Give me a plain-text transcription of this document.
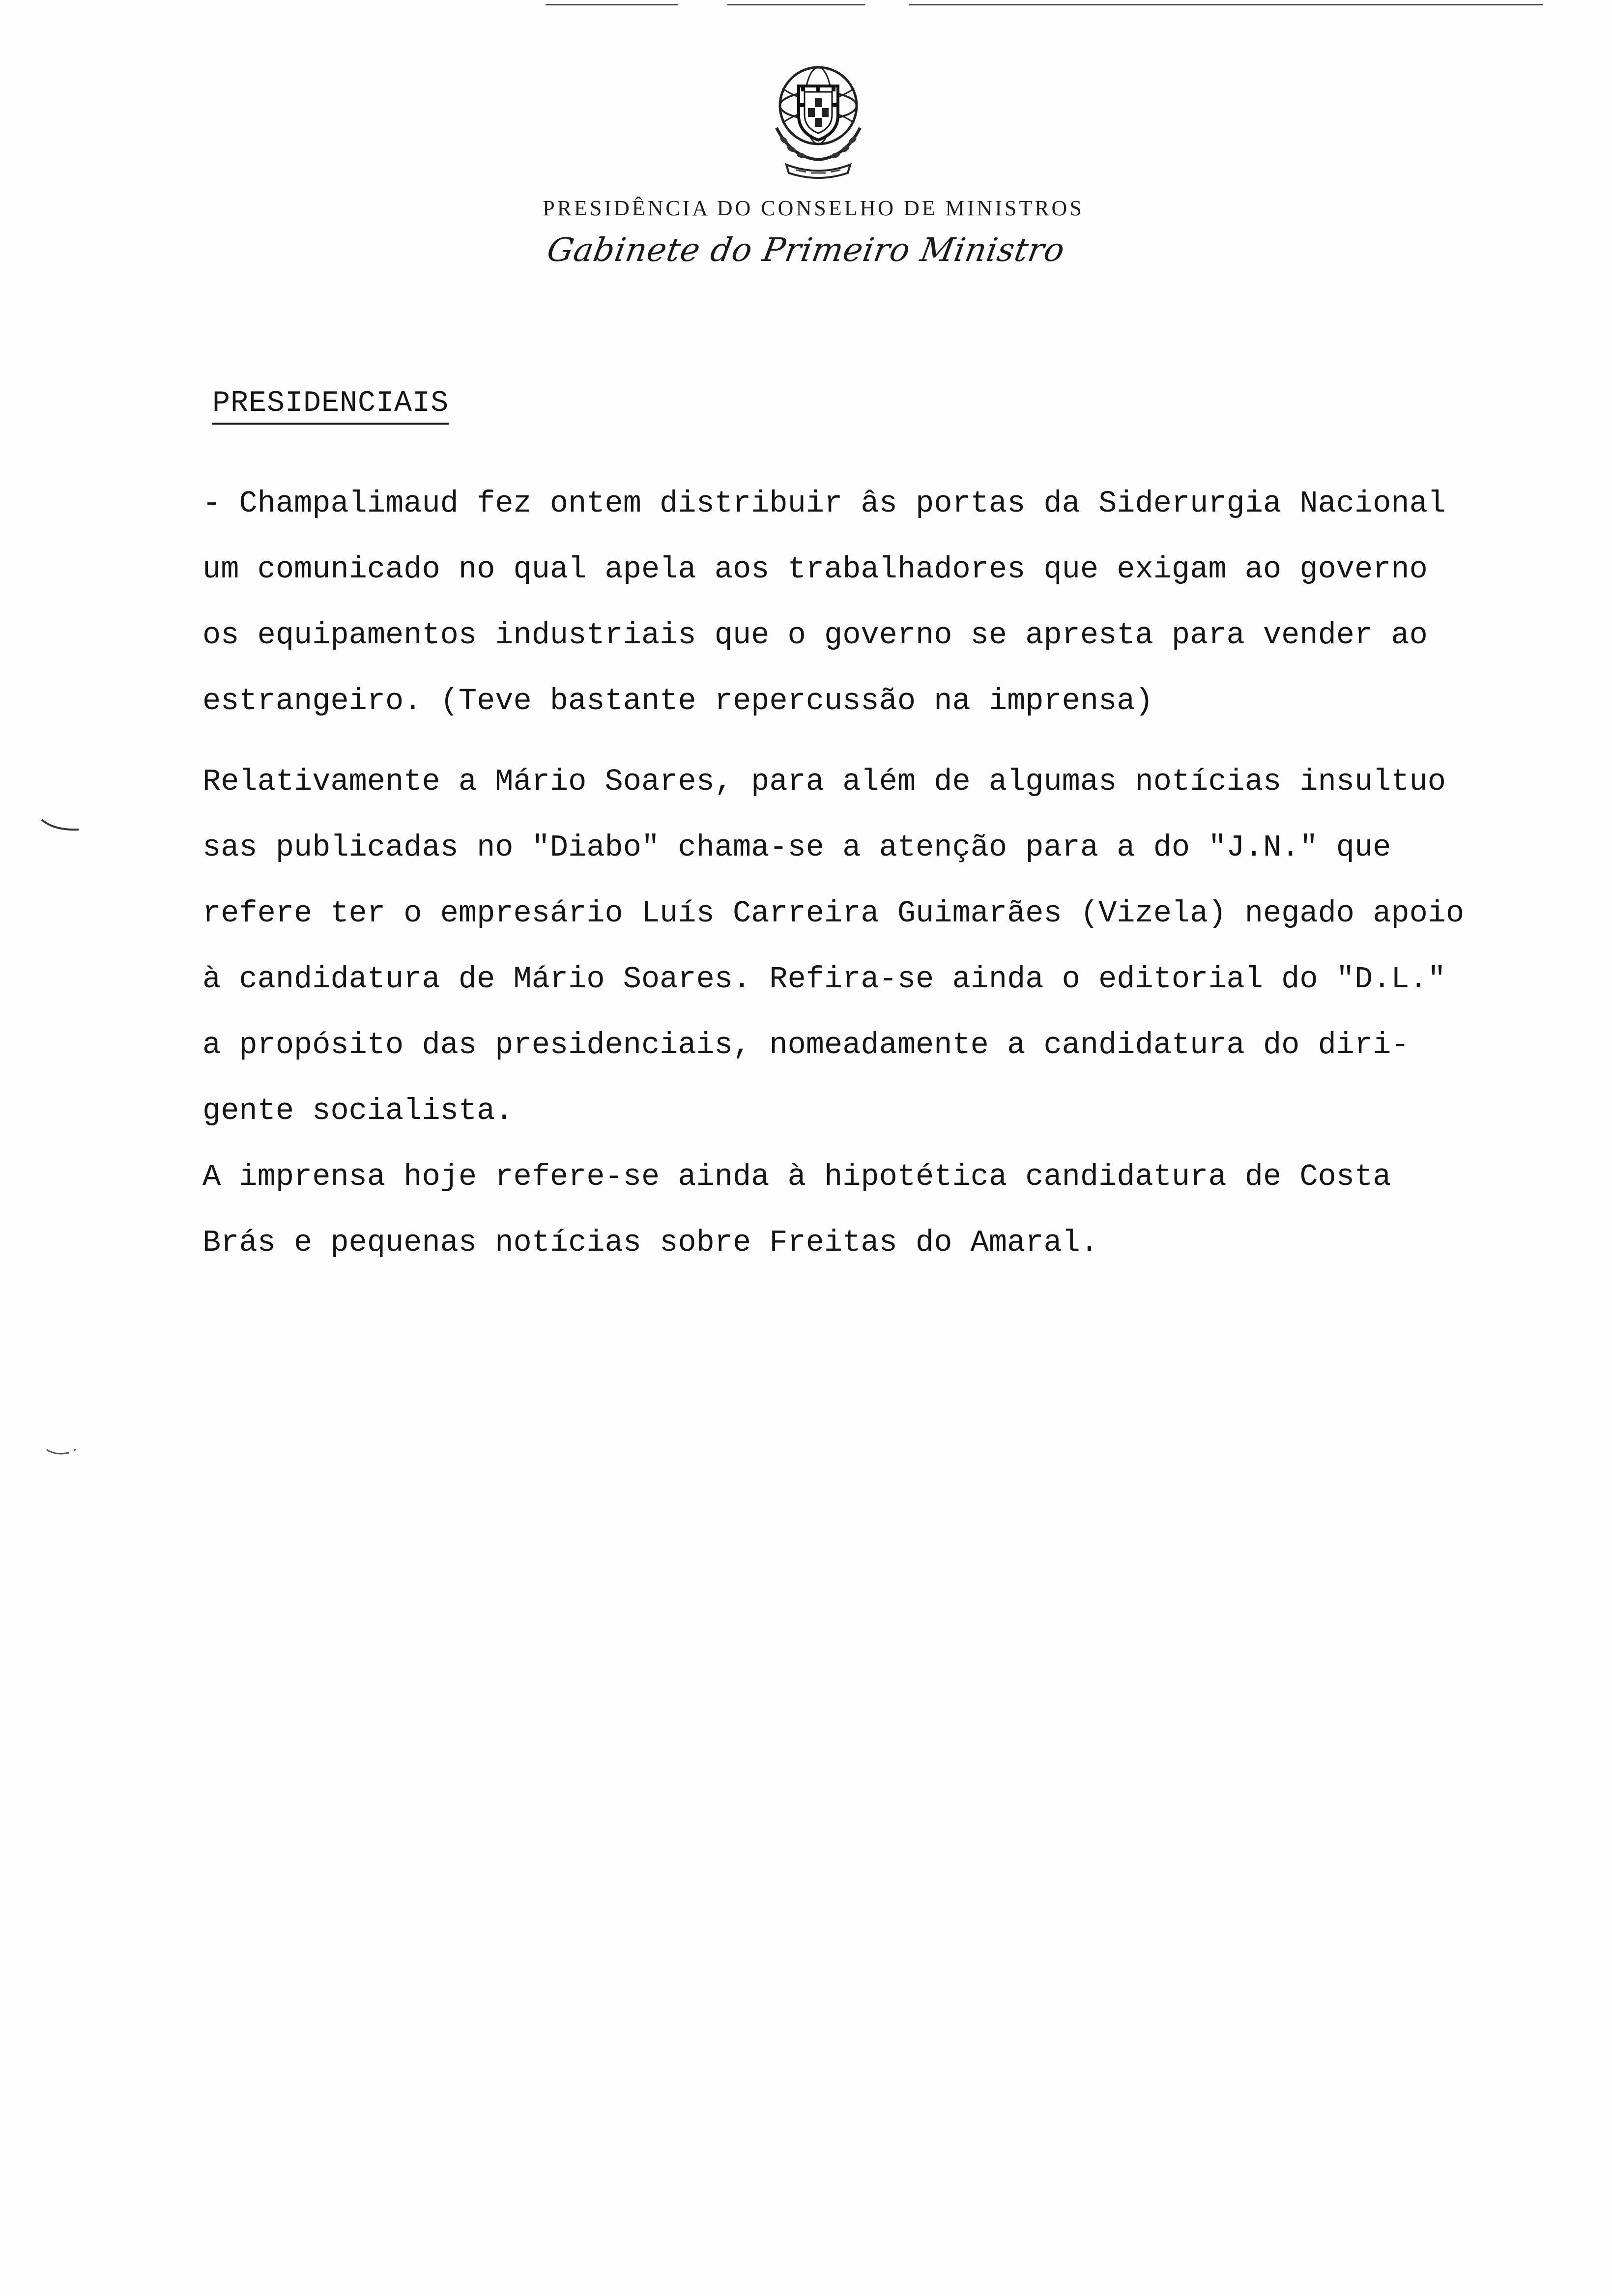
PRESIDÊNCIA DO CONSELHO DE MINISTROS
Gabinete do Primeiro Ministro
PRESIDENCIAIS
- Champalimaud fez ontem distribuir âs portas da Siderurgia Nacional
um comunicado no qual apela aos trabalhadores que exigam ao governo
os equipamentos industriais que o governo se apresta para vender ao
estrangeiro. (Teve bastante repercussão na imprensa)
Relativamente a Mário Soares, para além de algumas notícias insultuo
sas publicadas no "Diabo" chama-se a atenção para a do "J.N." que
refere ter o empresário Luís Carreira Guimarães (Vizela) negado apoio
à candidatura de Mário Soares. Refira-se ainda o editorial do "D.L."
a propósito das presidenciais, nomeadamente a candidatura do diri-
gente socialista.
A imprensa hoje refere-se ainda à hipotética candidatura de Costa
Brás e pequenas notícias sobre Freitas do Amaral.
